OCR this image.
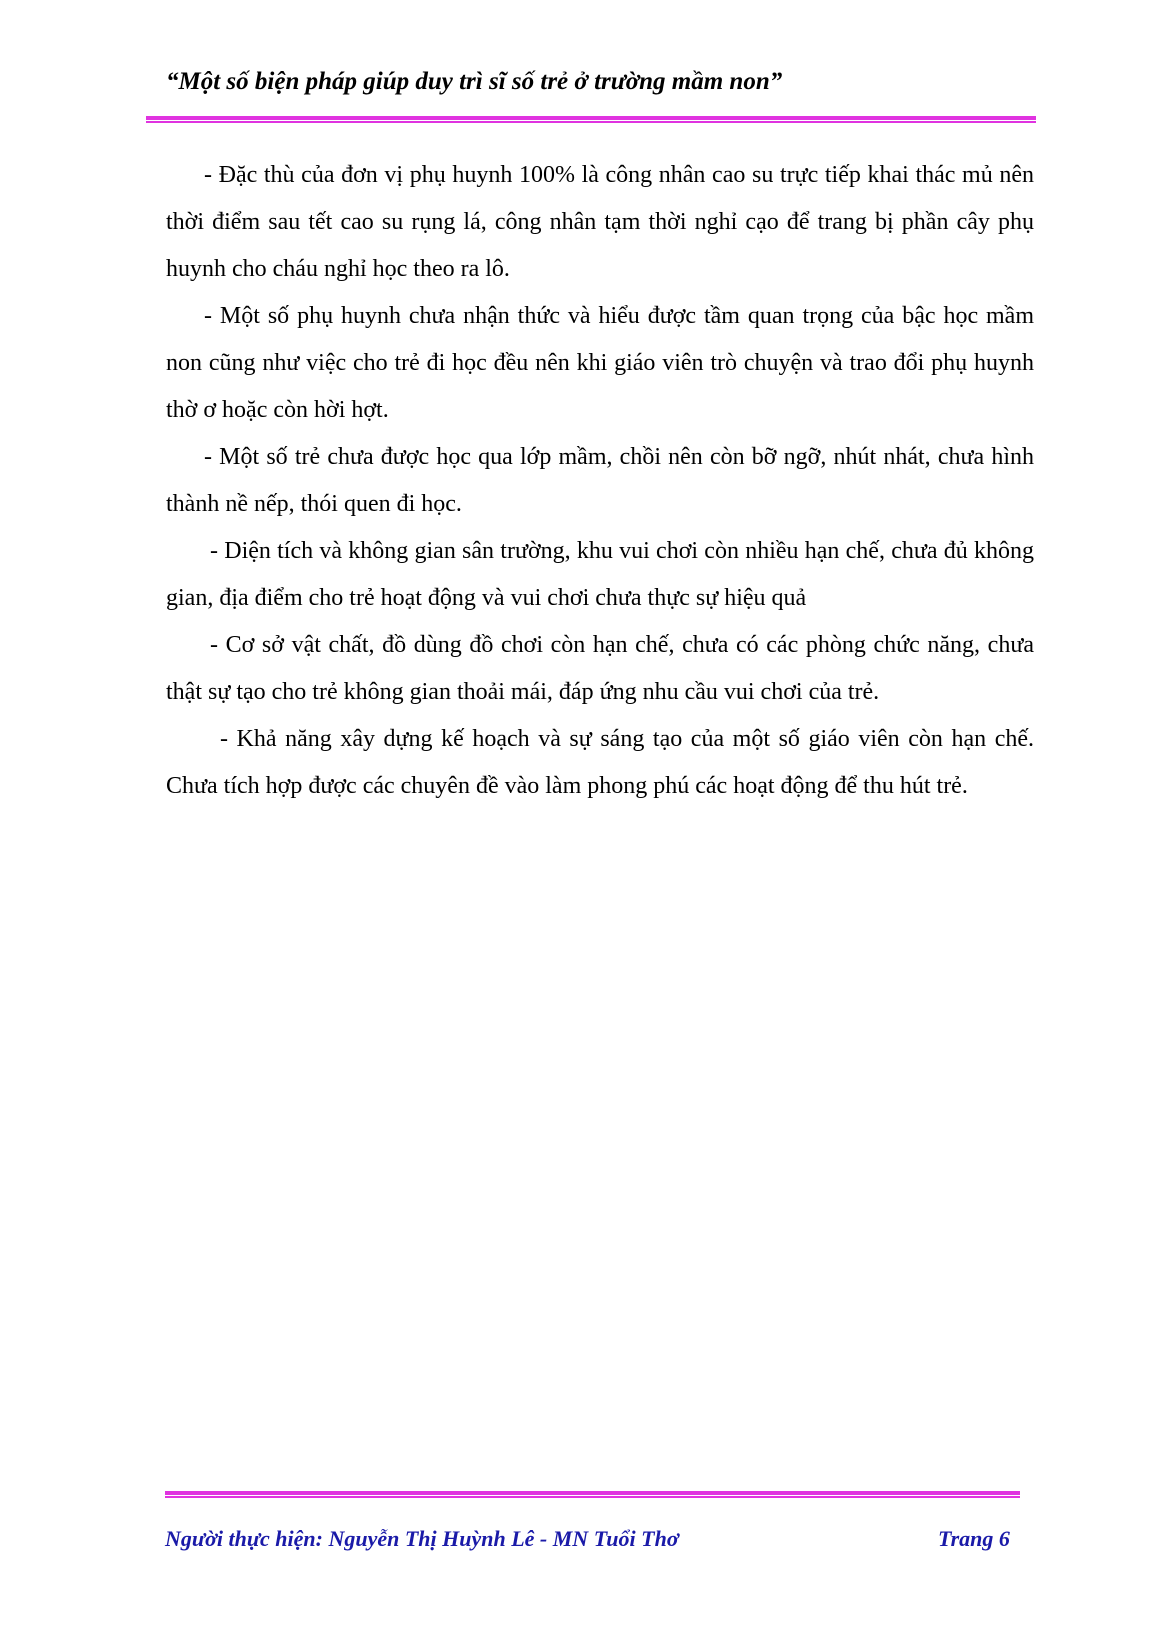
“Một số biện pháp giúp duy trì sĩ số trẻ ở trường mầm non”

- Đặc thù của đơn vị phụ huynh 100% là công nhân cao su trực tiếp khai thác mủ nên thời điểm sau tết cao su rụng lá, công nhân tạm thời nghỉ cạo để trang bị phần cây phụ huynh cho cháu nghỉ học theo ra lô.

- Một số phụ huynh chưa nhận thức và hiểu được tầm quan trọng của bậc học mầm non cũng như việc cho trẻ đi học đều nên khi giáo viên trò chuyện và trao đổi phụ huynh thờ ơ hoặc còn hời hợt.

- Một số trẻ chưa được học qua lớp mầm, chồi nên còn bỡ ngỡ, nhút nhát, chưa hình thành nề nếp, thói quen đi học.

- Diện tích và không gian sân trường, khu vui chơi còn nhiều hạn chế, chưa đủ không gian, địa điểm cho trẻ hoạt động và vui chơi chưa thực sự hiệu quả

- Cơ sở vật chất, đồ dùng đồ chơi còn hạn chế, chưa có các phòng chức năng, chưa thật sự tạo cho trẻ không gian thoải mái, đáp ứng nhu cầu vui chơi của trẻ.

- Khả năng xây dựng kế hoạch và sự sáng tạo của một số giáo viên còn hạn chế. Chưa tích hợp được các chuyên đề vào làm phong phú các hoạt động để thu hút trẻ.

Người thực hiện: Nguyễn Thị Huỳnh Lê - MN Tuổi Thơ	Trang 6
